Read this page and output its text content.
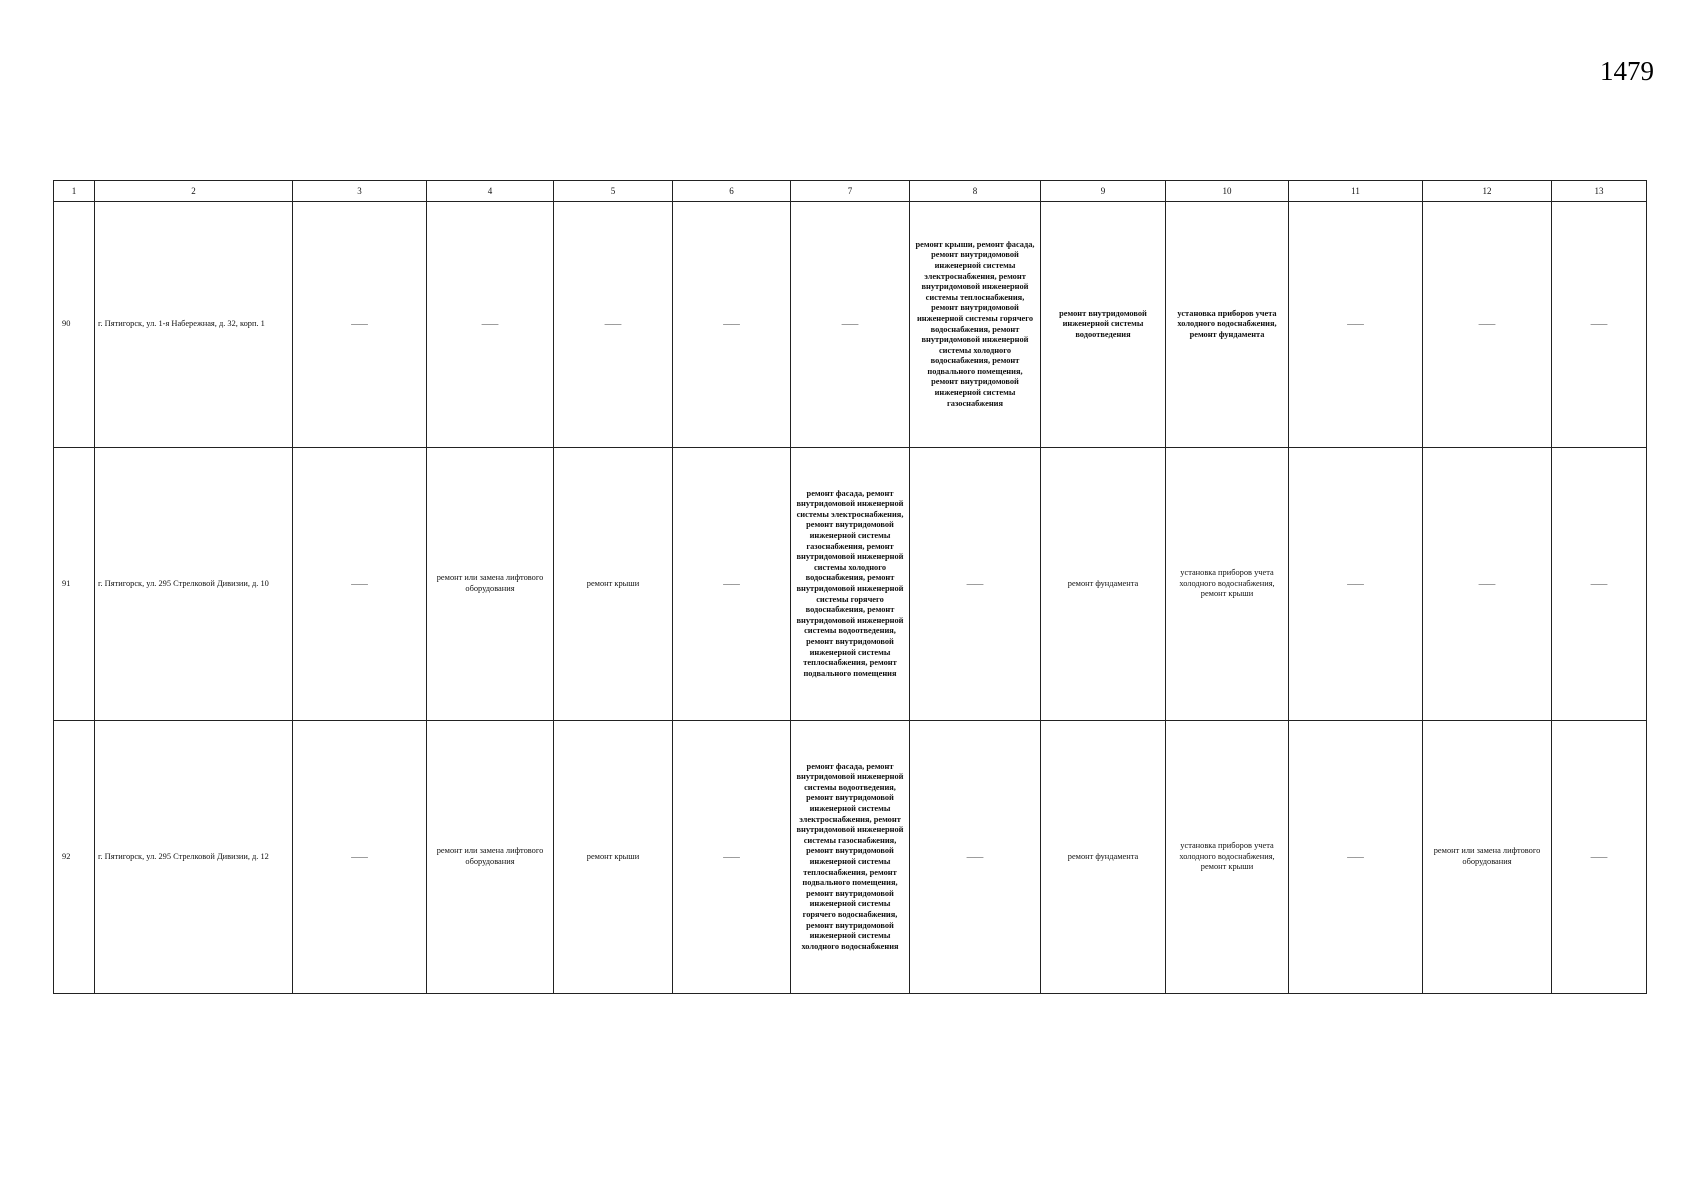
1479
1	2	3	4	5	6	7	8	9	10	11	12	13
90	г. Пятигорск, ул. 1-я Набережная, д. 32, корп. 1	——	——	——	——	——	ремонт крыши, ремонт фасада, ремонт внутридомовой инженерной системы электроснабжения, ремонт внутридомовой инженерной системы теплоснабжения, ремонт внутридомовой инженерной системы горячего водоснабжения, ремонт внутридомовой инженерной системы холодного водоснабжения, ремонт подвального помещения, ремонт внутридомовой инженерной системы газоснабжения	ремонт внутридомовой инженерной системы водоотведения	установка приборов учета холодного водоснабжения, ремонт фундамента	——	——	——
91	г. Пятигорск, ул. 295 Стрелковой Дивизии, д. 10	——	ремонт или замена лифтового оборудования	ремонт крыши	——	ремонт фасада, ремонт внутридомовой инженерной системы электроснабжения, ремонт внутридомовой инженерной системы газоснабжения, ремонт внутридомовой инженерной системы холодного водоснабжения, ремонт внутридомовой инженерной системы горячего водоснабжения, ремонт внутридомовой инженерной системы водоотведения, ремонт внутридомовой инженерной системы теплоснабжения, ремонт подвального помещения	——	ремонт фундамента	установка приборов учета холодного водоснабжения, ремонт крыши	——	——	——
92	г. Пятигорск, ул. 295 Стрелковой Дивизии, д. 12	——	ремонт или замена лифтового оборудования	ремонт крыши	——	ремонт фасада, ремонт внутридомовой инженерной системы водоотведения, ремонт внутридомовой инженерной системы электроснабжения, ремонт внутридомовой инженерной системы газоснабжения, ремонт внутридомовой инженерной системы теплоснабжения, ремонт подвального помещения, ремонт внутридомовой инженерной системы горячего водоснабжения, ремонт внутридомовой инженерной системы холодного водоснабжения	——	ремонт фундамента	установка приборов учета холодного водоснабжения, ремонт крыши	——	ремонт или замена лифтового оборудования	——
